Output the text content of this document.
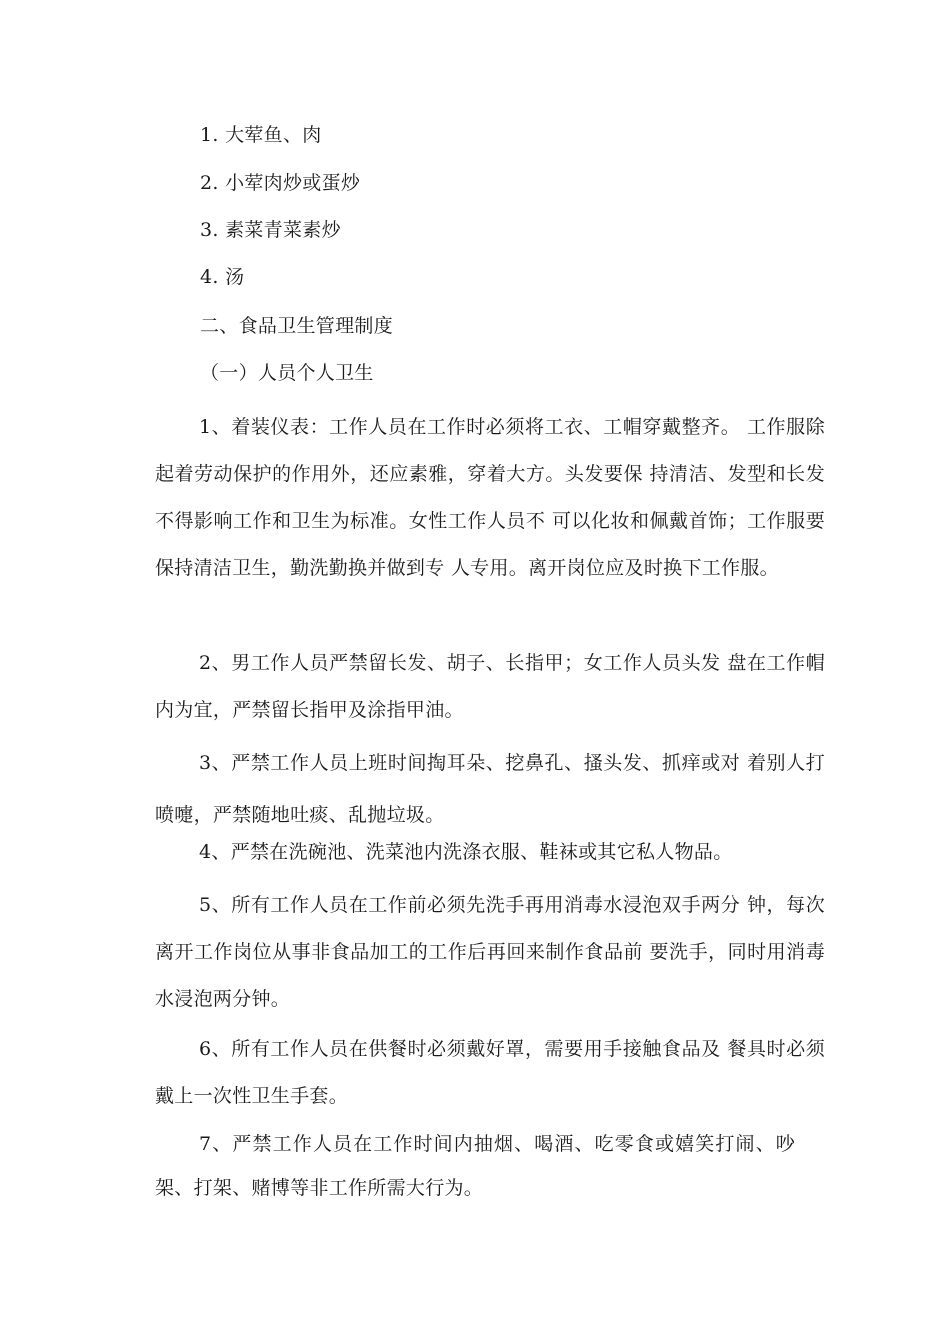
1. 大荤鱼、肉
2. 小荤肉炒或蛋炒
3. 素菜青菜素炒
4. 汤
二、食品卫生管理制度
（一）人员个人卫生

1、着装仪表：工作人员在工作时必须将工衣、工帽穿戴整齐。 工作服除起着劳动保护的作用外，还应素雅，穿着大方。头发要保 持清洁、发型和长发不得影响工作和卫生为标准。女性工作人员不 可以化妆和佩戴首饰；工作服要保持清洁卫生，勤洗勤换并做到专 人专用。离开岗位应及时换下工作服。

2、男工作人员严禁留长发、胡子、长指甲；女工作人员头发 盘在工作帽内为宜，严禁留长指甲及涂指甲油。

3、严禁工作人员上班时间掏耳朵、挖鼻孔、搔头发、抓痒或对 着别人打喷嚏，严禁随地吐痰、乱抛垃圾。

4、严禁在洗碗池、洗菜池内洗涤衣服、鞋袜或其它私人物品。

5、所有工作人员在工作前必须先洗手再用消毒水浸泡双手两分 钟，每次离开工作岗位从事非食品加工的工作后再回来制作食品前 要洗手，同时用消毒水浸泡两分钟。

6、所有工作人员在供餐时必须戴好罩，需要用手接触食品及 餐具时必须戴上一次性卫生手套。

7、严禁工作人员在工作时间内抽烟、喝酒、吃零食或嬉笑打闹、吵架、打架、赌博等非工作所需大行为。
